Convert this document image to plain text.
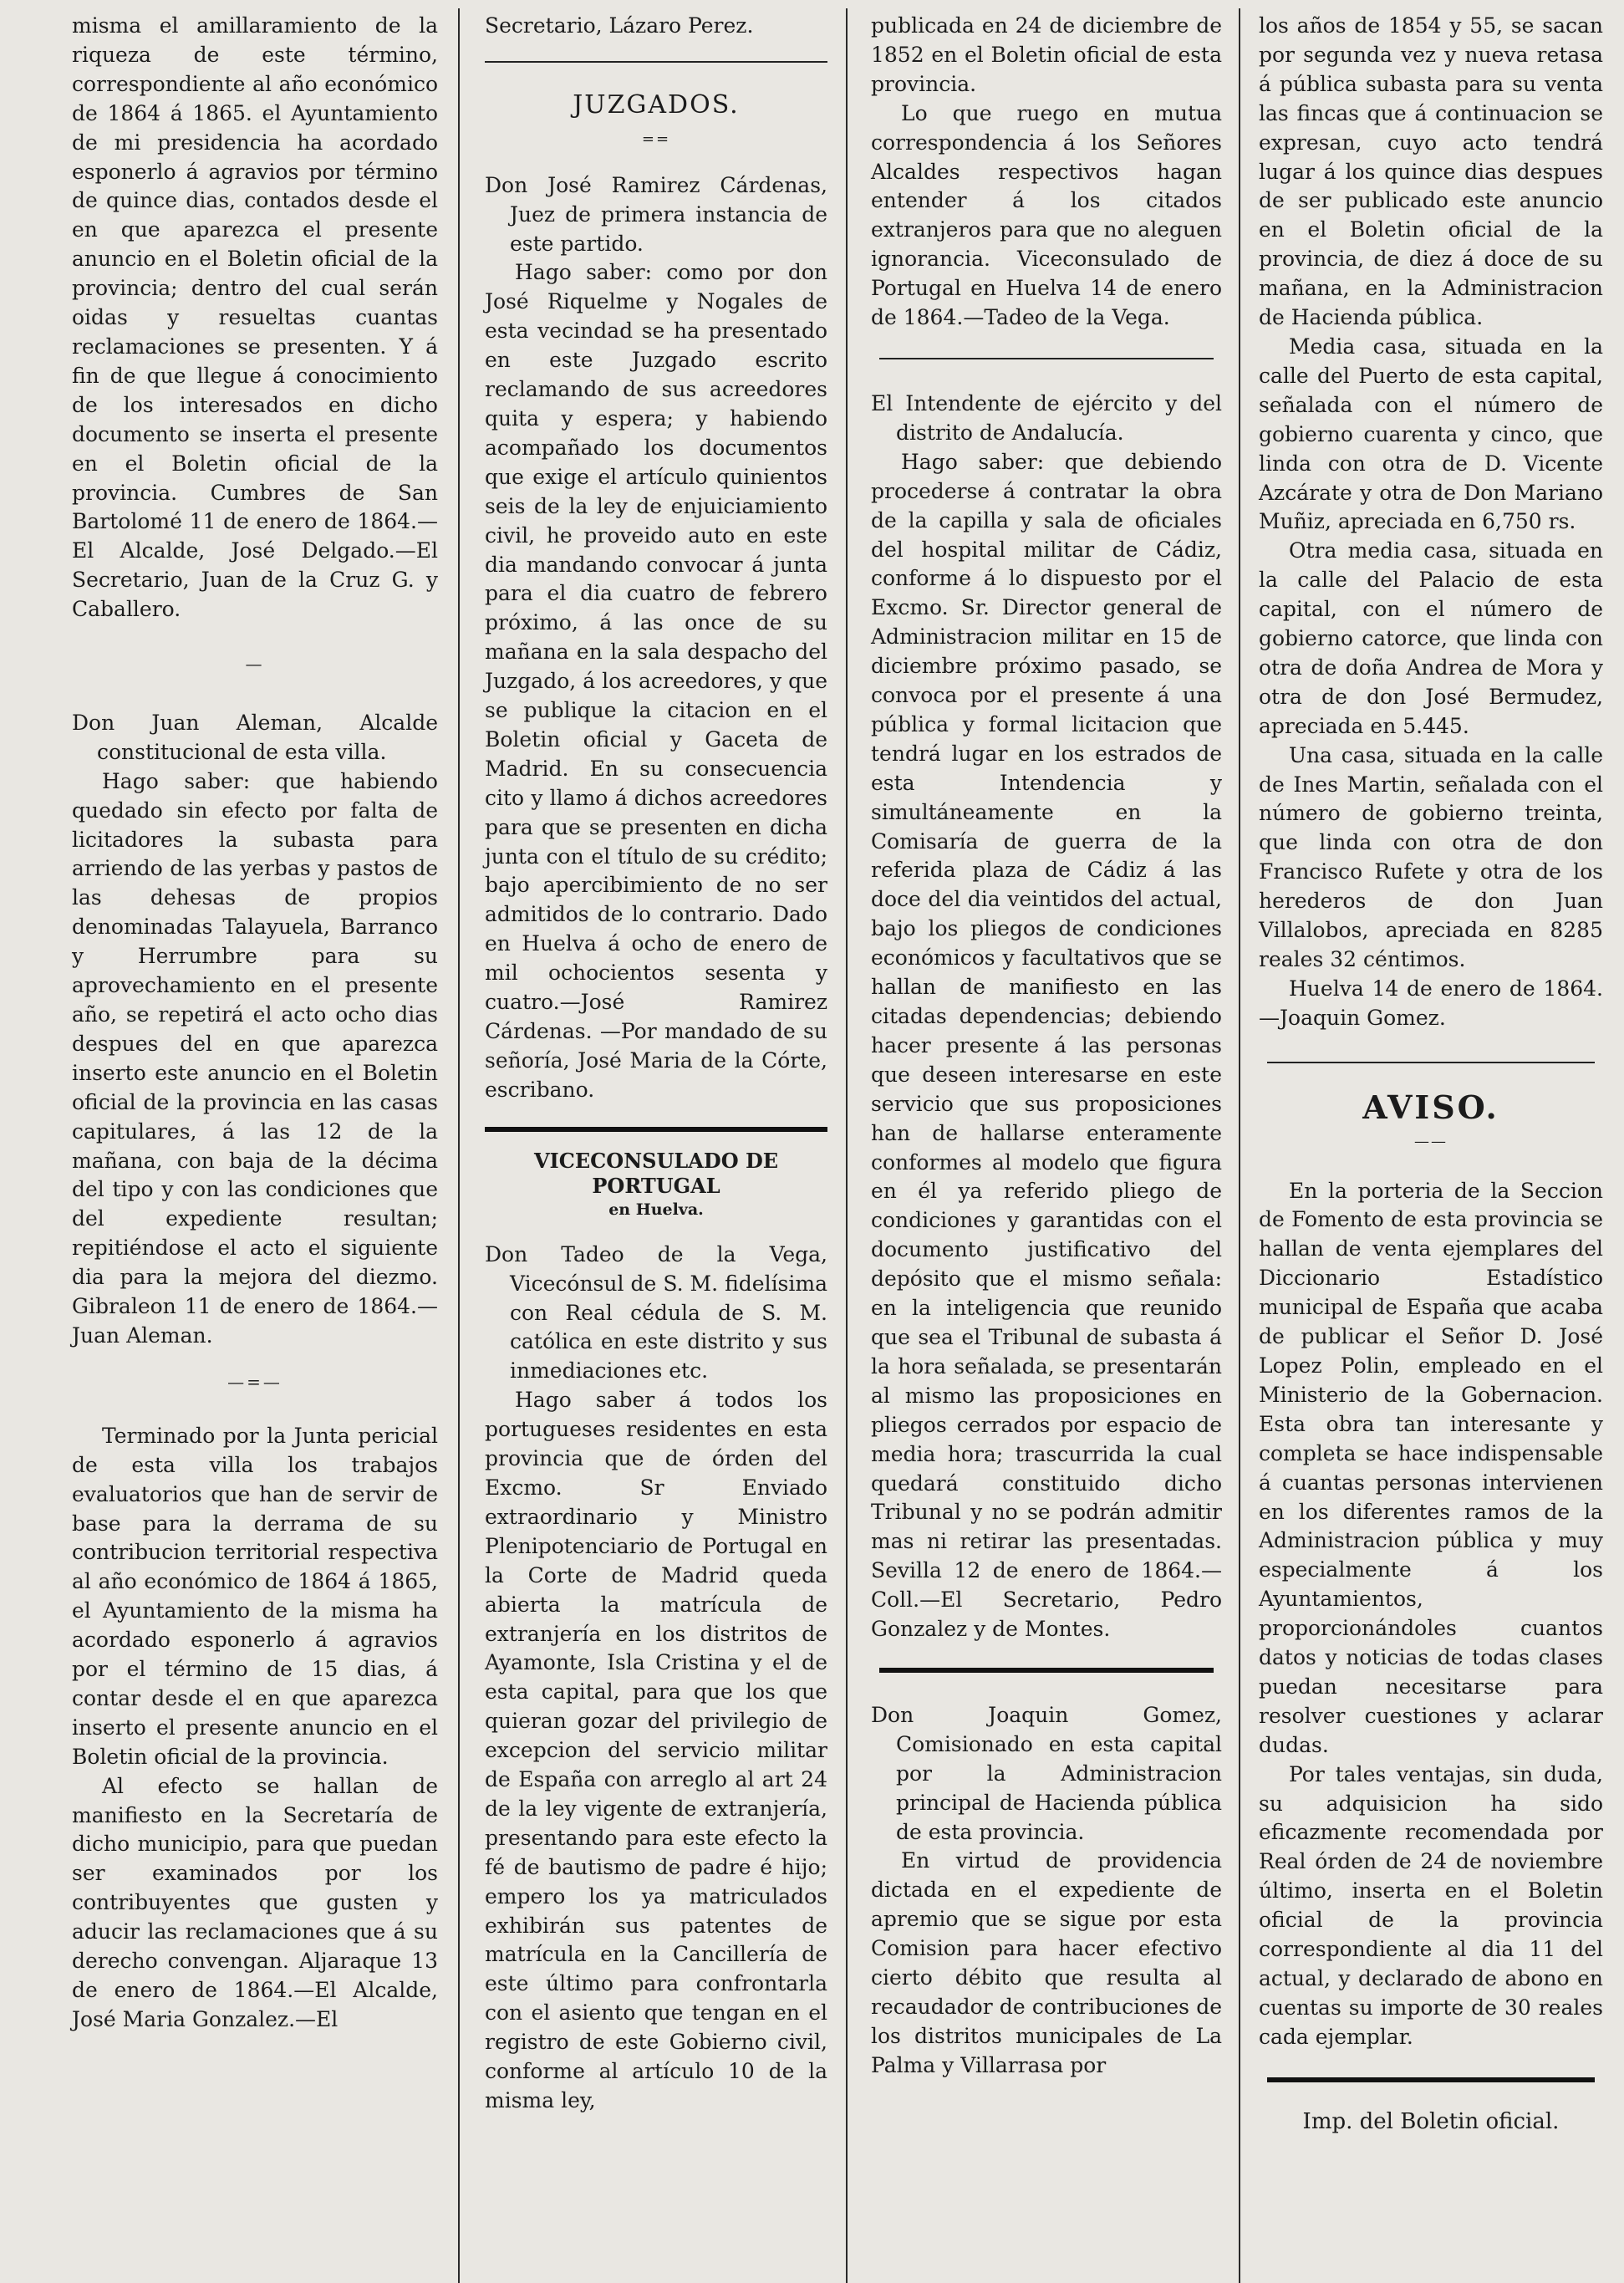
misma el amillaramiento de la riqueza de este término, correspondiente al año económico de 1864 á 1865. el Ayuntamiento de mi presidencia ha acordado esponerlo á agravios por término de quince dias, contados desde el en que aparezca el presente anuncio en el Boletin oficial de la provincia; dentro del cual serán oidas y resueltas cuantas reclamaciones se presenten. Y á fin de que llegue á conocimiento de los interesados en dicho documento se inserta el presente en el Boletin oficial de la provincia. Cumbres de San Bartolomé 11 de enero de 1864.—El Alcalde, José Delgado.—El Secretario, Juan de la Cruz G. y Caballero.

—

Don Juan Aleman, Alcalde constitucional de esta villa.

Hago saber: que habiendo quedado sin efecto por falta de licitadores la subasta para arriendo de las yerbas y pastos de las dehesas de propios denominadas Talayuela, Barranco y Herrumbre para su aprovechamiento en el presente año, se repetirá el acto ocho dias despues del en que aparezca inserto este anuncio en el Boletin oficial de la provincia en las casas capitulares, á las 12 de la mañana, con baja de la décima del tipo y con las condiciones que del expediente resultan; repitiéndose el acto el siguiente dia para la mejora del diezmo. Gibraleon 11 de enero de 1864.—Juan Aleman.

—=—

Terminado por la Junta pericial de esta villa los trabajos evaluatorios que han de servir de base para la derrama de su contribucion territorial respectiva al año económico de 1864 á 1865, el Ayuntamiento de la misma ha acordado esponerlo á agravios por el término de 15 dias, á contar desde el en que aparezca inserto el presente anuncio en el Boletin oficial de la provincia.

Al efecto se hallan de manifiesto en la Secretaría de dicho municipio, para que puedan ser examinados por los contribuyentes que gusten y aducir las reclamaciones que á su derecho convengan. Aljaraque 13 de enero de 1864.—El Alcalde, José Maria Gonzalez.—El

Secretario, Lázaro Perez.

JUZGADOS.
==

Don José Ramirez Cárdenas, Juez de primera instancia de este partido.

Hago saber: como por don José Riquelme y Nogales de esta vecindad se ha presentado en este Juzgado escrito reclamando de sus acreedores quita y espera; y habiendo acompañado los documentos que exige el artículo quinientos seis de la ley de enjuiciamiento civil, he proveido auto en este dia mandando convocar á junta para el dia cuatro de febrero próximo, á las once de su mañana en la sala despacho del Juzgado, á los acreedores, y que se publique la citacion en el Boletin oficial y Gaceta de Madrid. En su consecuencia cito y llamo á dichos acreedores para que se presenten en dicha junta con el título de su crédito; bajo apercibimiento de no ser admitidos de lo contrario. Dado en Huelva á ocho de enero de mil ochocientos sesenta y cuatro.—José Ramirez Cárdenas. —Por mandado de su señoría, José Maria de la Córte, escribano.

VICECONSULADO DE PORTUGAL
en Huelva.

Don Tadeo de la Vega, Vicecónsul de S. M. fidelísima con Real cédula de S. M. católica en este distrito y sus inmediaciones etc.

Hago saber á todos los portugueses residentes en esta provincia que de órden del Excmo. Sr Enviado extraordinario y Ministro Plenipotenciario de Portugal en la Corte de Madrid queda abierta la matrícula de extranjería en los distritos de Ayamonte, Isla Cristina y el de esta capital, para que los que quieran gozar del privilegio de excepcion del servicio militar de España con arreglo al art 24 de la ley vigente de extranjería, presentando para este efecto la fé de bautismo de padre é hijo; empero los ya matriculados exhibirán sus patentes de matrícula en la Cancillería de este último para confrontarla con el asiento que tengan en el registro de este Gobierno civil, conforme al artículo 10 de la misma ley,

publicada en 24 de diciembre de 1852 en el Boletin oficial de esta provincia.

Lo que ruego en mutua correspondencia á los Señores Alcaldes respectivos hagan entender á los citados extranjeros para que no aleguen ignorancia. Viceconsulado de Portugal en Huelva 14 de enero de 1864.—Tadeo de la Vega.

El Intendente de ejército y del distrito de Andalucía.

Hago saber: que debiendo procederse á contratar la obra de la capilla y sala de oficiales del hospital militar de Cádiz, conforme á lo dispuesto por el Excmo. Sr. Director general de Administracion militar en 15 de diciembre próximo pasado, se convoca por el presente á una pública y formal licitacion que tendrá lugar en los estrados de esta Intendencia y simultáneamente en la Comisaría de guerra de la referida plaza de Cádiz á las doce del dia veintidos del actual, bajo los pliegos de condiciones económicos y facultativos que se hallan de manifiesto en las citadas dependencias; debiendo hacer presente á las personas que deseen interesarse en este servicio que sus proposiciones han de hallarse enteramente conformes al modelo que figura en él ya referido pliego de condiciones y garantidas con el documento justificativo del depósito que el mismo señala: en la inteligencia que reunido que sea el Tribunal de subasta á la hora señalada, se presentarán al mismo las proposiciones en pliegos cerrados por espacio de media hora; trascurrida la cual quedará constituido dicho Tribunal y no se podrán admitir mas ni retirar las presentadas. Sevilla 12 de enero de 1864.—Coll.—El Secretario, Pedro Gonzalez y de Montes.

Don Joaquin Gomez, Comisionado en esta capital por la Administracion principal de Hacienda pública de esta provincia.

En virtud de providencia dictada en el expediente de apremio que se sigue por esta Comision para hacer efectivo cierto débito que resulta al recaudador de contribuciones de los distritos municipales de La Palma y Villarrasa por

los años de 1854 y 55, se sacan por segunda vez y nueva retasa á pública subasta para su venta las fincas que á continuacion se expresan, cuyo acto tendrá lugar á los quince dias despues de ser publicado este anuncio en el Boletin oficial de la provincia, de diez á doce de su mañana, en la Administracion de Hacienda pública.

Media casa, situada en la calle del Puerto de esta capital, señalada con el número de gobierno cuarenta y cinco, que linda con otra de D. Vicente Azcárate y otra de Don Mariano Muñiz, apreciada en 6,750 rs.

Otra media casa, situada en la calle del Palacio de esta capital, con el número de gobierno catorce, que linda con otra de doña Andrea de Mora y otra de don José Bermudez, apreciada en 5.445.

Una casa, situada en la calle de Ines Martin, señalada con el número de gobierno treinta, que linda con otra de don Francisco Rufete y otra de los herederos de don Juan Villalobos, apreciada en 8285 reales 32 céntimos.

Huelva 14 de enero de 1864.—Joaquin Gomez.

AVISO.
——

En la porteria de la Seccion de Fomento de esta provincia se hallan de venta ejemplares del Diccionario Estadístico municipal de España que acaba de publicar el Señor D. José Lopez Polin, empleado en el Ministerio de la Gobernacion. Esta obra tan interesante y completa se hace indispensable á cuantas personas intervienen en los diferentes ramos de la Administracion pública y muy especialmente á los Ayuntamientos, proporcionándoles cuantos datos y noticias de todas clases puedan necesitarse para resolver cuestiones y aclarar dudas.

Por tales ventajas, sin duda, su adquisicion ha sido eficazmente recomendada por Real órden de 24 de noviembre último, inserta en el Boletin oficial de la provincia correspondiente al dia 11 del actual, y declarado de abono en cuentas su importe de 30 reales cada ejemplar.

Imp. del Boletin oficial.
